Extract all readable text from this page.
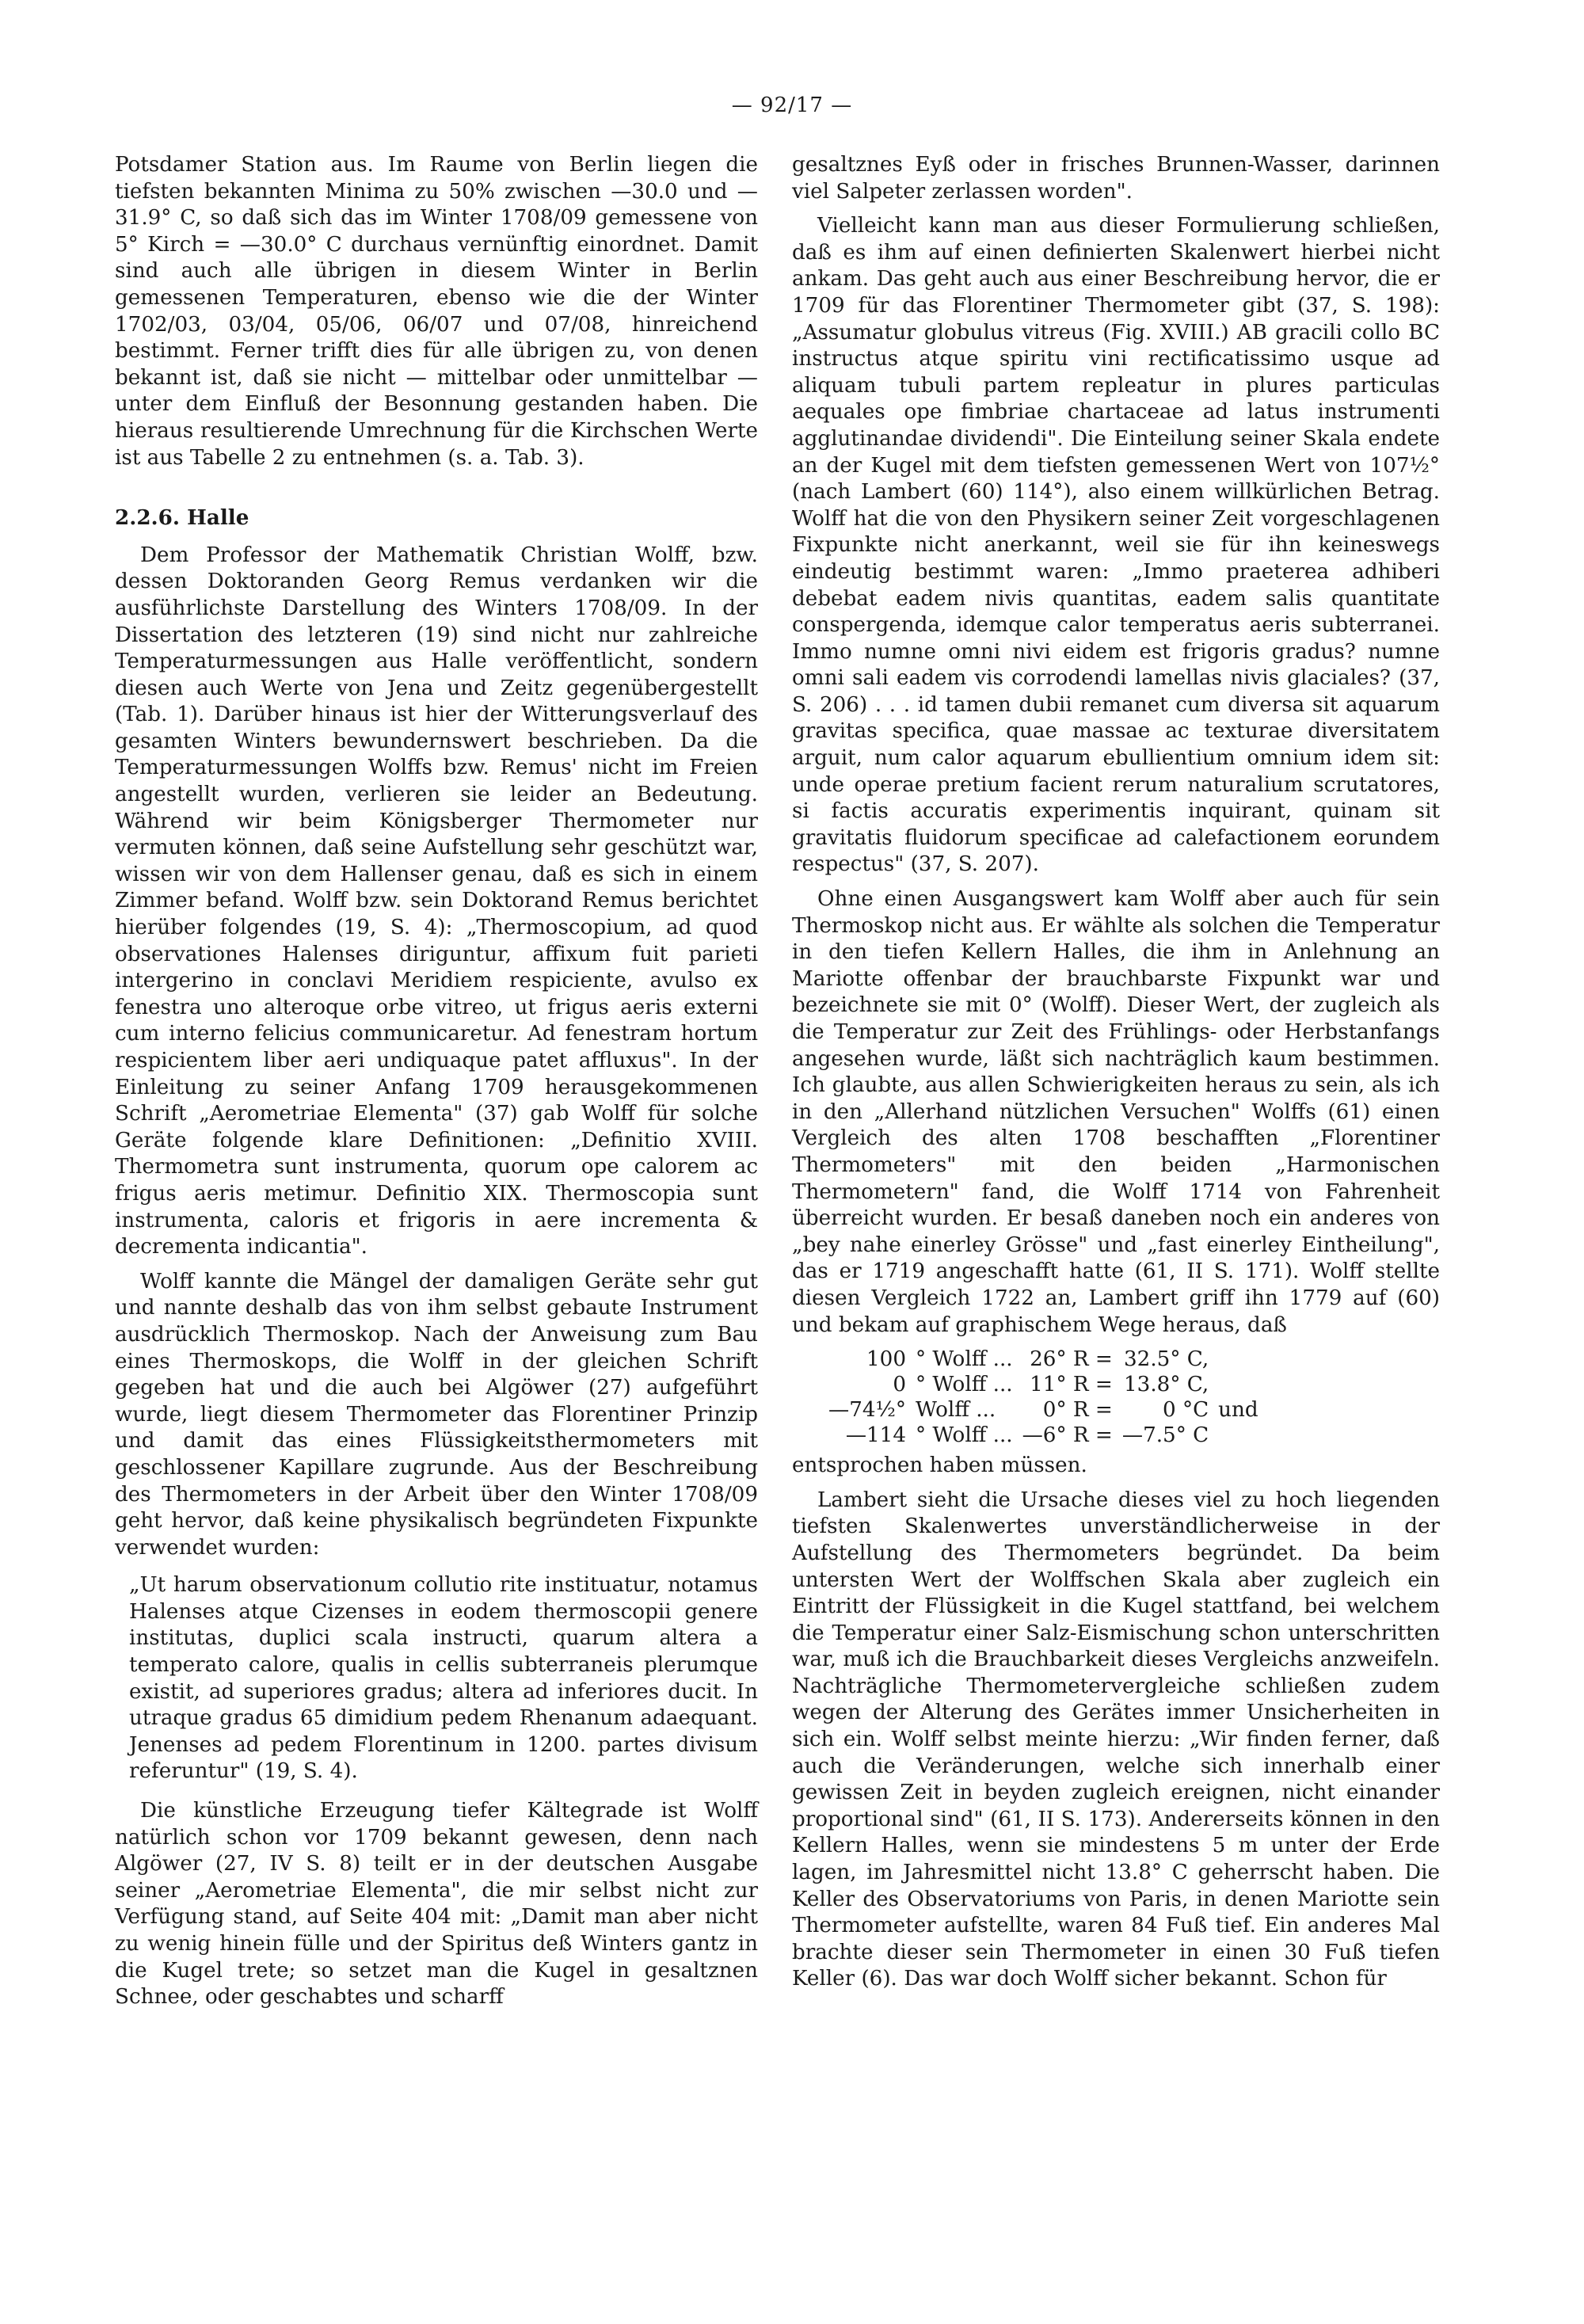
— 92/17 —

Potsdamer Station aus. Im Raume von Berlin liegen die tiefsten bekannten Minima zu 50% zwischen —30.0 und —31.9° C, so daß sich das im Winter 1708/09 gemessene von 5° Kirch = —30.0° C durchaus vernünftig einordnet. Damit sind auch alle übrigen in diesem Winter in Berlin gemessenen Temperaturen, ebenso wie die der Winter 1702/03, 03/04, 05/06, 06/07 und 07/08, hinreichend bestimmt. Ferner trifft dies für alle übrigen zu, von denen bekannt ist, daß sie nicht — mittelbar oder unmittelbar — unter dem Einfluß der Besonnung gestanden haben. Die hieraus resultierende Umrechnung für die Kirchschen Werte ist aus Tabelle 2 zu entnehmen (s. a. Tab. 3).

2.2.6. Halle

Dem Professor der Mathematik Christian Wolff, bzw. dessen Doktoranden Georg Remus verdanken wir die ausführlichste Darstellung des Winters 1708/09. In der Dissertation des letzteren (19) sind nicht nur zahlreiche Temperaturmessungen aus Halle veröffentlicht, sondern diesen auch Werte von Jena und Zeitz gegenübergestellt (Tab. 1). Darüber hinaus ist hier der Witterungsverlauf des gesamten Winters bewundernswert beschrieben. Da die Temperaturmessungen Wolffs bzw. Remus' nicht im Freien angestellt wurden, verlieren sie leider an Bedeutung. Während wir beim Königsberger Thermometer nur vermuten können, daß seine Aufstellung sehr geschützt war, wissen wir von dem Hallenser genau, daß es sich in einem Zimmer befand. Wolff bzw. sein Doktorand Remus berichtet hierüber folgendes (19, S. 4): „Thermoscopium, ad quod observationes Halenses diriguntur, affixum fuit parieti intergerino in conclavi Meridiem respiciente, avulso ex fenestra uno alteroque orbe vitreo, ut frigus aeris externi cum interno felicius communicaretur. Ad fenestram hortum respicientem liber aeri undiquaque patet affluxus". In der Einleitung zu seiner Anfang 1709 herausgekommenen Schrift „Aerometriae Elementa" (37) gab Wolff für solche Geräte folgende klare Definitionen: „Definitio XVIII. Thermometra sunt instrumenta, quorum ope calorem ac frigus aeris metimur. Definitio XIX. Thermoscopia sunt instrumenta, caloris et frigoris in aere incrementa & decrementa indicantia".

Wolff kannte die Mängel der damaligen Geräte sehr gut und nannte deshalb das von ihm selbst gebaute Instrument ausdrücklich Thermoskop. Nach der Anweisung zum Bau eines Thermoskops, die Wolff in der gleichen Schrift gegeben hat und die auch bei Algöwer (27) aufgeführt wurde, liegt diesem Thermometer das Florentiner Prinzip und damit das eines Flüssigkeitsthermometers mit geschlossener Kapillare zugrunde. Aus der Beschreibung des Thermometers in der Arbeit über den Winter 1708/09 geht hervor, daß keine physikalisch begründeten Fixpunkte verwendet wurden:

„Ut harum observationum collutio rite instituatur, notamus Halenses atque Cizenses in eodem thermoscopii genere institutas, duplici scala instructi, quarum altera a temperato calore, qualis in cellis subterraneis plerumque existit, ad superiores gradus; altera ad inferiores ducit. In utraque gradus 65 dimidium pedem Rhenanum adaequant. Jenenses ad pedem Florentinum in 1200. partes divisum referuntur" (19, S. 4).

Die künstliche Erzeugung tiefer Kältegrade ist Wolff natürlich schon vor 1709 bekannt gewesen, denn nach Algöwer (27, IV S. 8) teilt er in der deutschen Ausgabe seiner „Aerometriae Elementa", die mir selbst nicht zur Verfügung stand, auf Seite 404 mit: „Damit man aber nicht zu wenig hinein fülle und der Spiritus deß Winters gantz in die Kugel trete; so setzet man die Kugel in gesaltznen Schnee, oder geschabtes und scharff

gesaltznes Eyß oder in frisches Brunnen-Wasser, darinnen viel Salpeter zerlassen worden".

Vielleicht kann man aus dieser Formulierung schließen, daß es ihm auf einen definierten Skalenwert hierbei nicht ankam. Das geht auch aus einer Beschreibung hervor, die er 1709 für das Florentiner Thermometer gibt (37, S. 198): „Assumatur globulus vitreus (Fig. XVIII.) AB gracili collo BC instructus atque spiritu vini rectificatissimo usque ad aliquam tubuli partem repleatur in plures particulas aequales ope fimbriae chartaceae ad latus instrumenti agglutinandae dividendi". Die Einteilung seiner Skala endete an der Kugel mit dem tiefsten gemessenen Wert von 107½° (nach Lambert (60) 114°), also einem willkürlichen Betrag. Wolff hat die von den Physikern seiner Zeit vorgeschlagenen Fixpunkte nicht anerkannt, weil sie für ihn keineswegs eindeutig bestimmt waren: „Immo praeterea adhiberi debebat eadem nivis quantitas, eadem salis quantitate conspergenda, idemque calor temperatus aeris subterranei. Immo numne omni nivi eidem est frigoris gradus? numne omni sali eadem vis corrodendi lamellas nivis glaciales? (37, S. 206) . . . id tamen dubii remanet cum diversa sit aquarum gravitas specifica, quae massae ac texturae diversitatem arguit, num calor aquarum ebullientium omnium idem sit: unde operae pretium facient rerum naturalium scrutatores, si factis accuratis experimentis inquirant, quinam sit gravitatis fluidorum specificae ad calefactionem eorundem respectus" (37, S. 207).

Ohne einen Ausgangswert kam Wolff aber auch für sein Thermoskop nicht aus. Er wählte als solchen die Temperatur in den tiefen Kellern Halles, die ihm in Anlehnung an Mariotte offenbar der brauchbarste Fixpunkt war und bezeichnete sie mit 0° (Wolff). Dieser Wert, der zugleich als die Temperatur zur Zeit des Frühlings- oder Herbstanfangs angesehen wurde, läßt sich nachträglich kaum bestimmen. Ich glaubte, aus allen Schwierigkeiten heraus zu sein, als ich in den „Allerhand nützlichen Versuchen" Wolffs (61) einen Vergleich des alten 1708 beschafften „Florentiner Thermometers" mit den beiden „Harmonischen Thermometern" fand, die Wolff 1714 von Fahrenheit überreicht wurden. Er besaß daneben noch ein anderes von „bey nahe einerley Grösse" und „fast einerley Eintheilung", das er 1719 angeschafft hatte (61, II S. 171). Wolff stellte diesen Vergleich 1722 an, Lambert griff ihn 1779 auf (60) und bekam auf graphischem Wege heraus, daß

100	° Wolff ...	26° R =	32.5° C,	
0	° Wolff ...	11° R =	13.8° C,	
—74½°	Wolff ...	0° R =	0 °C	und
—114	° Wolff ...	—6° R =	—7.5° C	

entsprochen haben müssen.

Lambert sieht die Ursache dieses viel zu hoch liegenden tiefsten Skalenwertes unverständlicherweise in der Aufstellung des Thermometers begründet. Da beim untersten Wert der Wolffschen Skala aber zugleich ein Eintritt der Flüssigkeit in die Kugel stattfand, bei welchem die Temperatur einer Salz-Eismischung schon unterschritten war, muß ich die Brauchbarkeit dieses Vergleichs anzweifeln. Nachträgliche Thermometervergleiche schließen zudem wegen der Alterung des Gerätes immer Unsicherheiten in sich ein. Wolff selbst meinte hierzu: „Wir finden ferner, daß auch die Veränderungen, welche sich innerhalb einer gewissen Zeit in beyden zugleich ereignen, nicht einander proportional sind" (61, II S. 173). Andererseits können in den Kellern Halles, wenn sie mindestens 5 m unter der Erde lagen, im Jahresmittel nicht 13.8° C geherrscht haben. Die Keller des Observatoriums von Paris, in denen Mariotte sein Thermometer aufstellte, waren 84 Fuß tief. Ein anderes Mal brachte dieser sein Thermometer in einen 30 Fuß tiefen Keller (6). Das war doch Wolff sicher bekannt. Schon für
